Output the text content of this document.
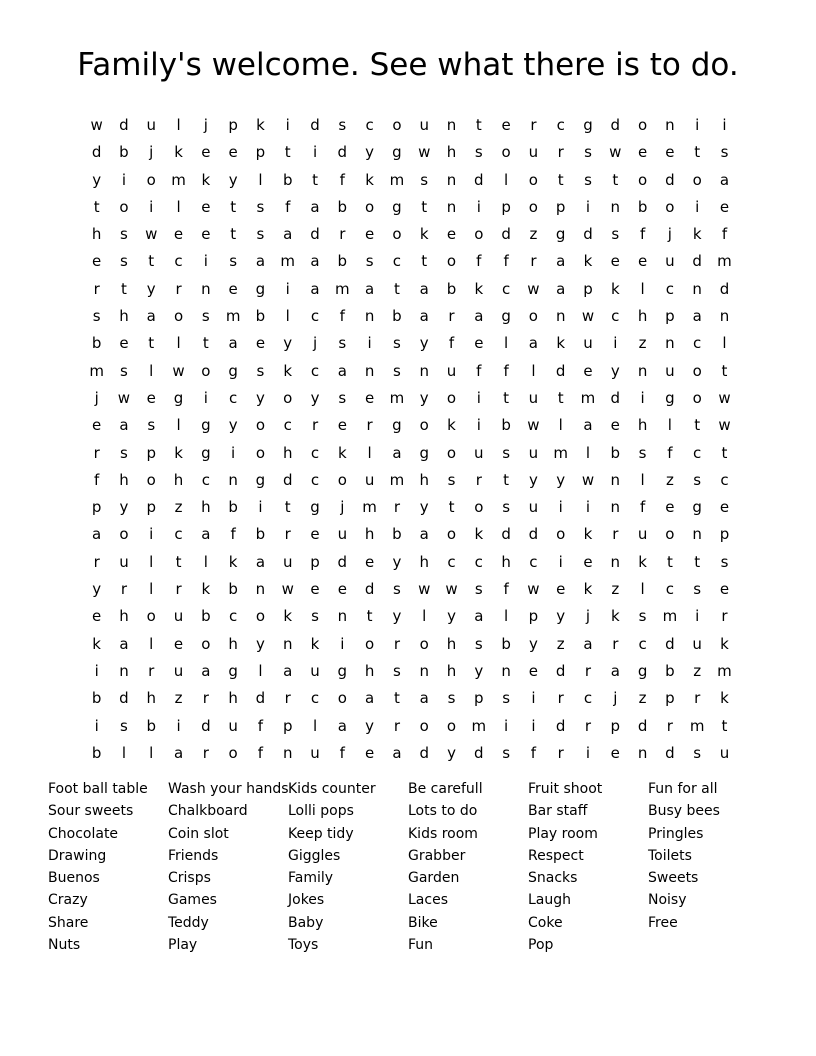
Family's welcome. See what there is to do.
w	d	u	l	j	p	k	i	d	s	c	o	u	n	t	e	r	c	g	d	o	n	i	i
d	b	j	k	e	e	p	t	i	d	y	g	w	h	s	o	u	r	s	w	e	e	t	s
y	i	o	m	k	y	l	b	t	f	k	m	s	n	d	l	o	t	s	t	o	d	o	a
t	o	i	l	e	t	s	f	a	b	o	g	t	n	i	p	o	p	i	n	b	o	i	e
h	s	w	e	e	t	s	a	d	r	e	o	k	e	o	d	z	g	d	s	f	j	k	f
e	s	t	c	i	s	a	m	a	b	s	c	t	o	f	f	r	a	k	e	e	u	d	m
r	t	y	r	n	e	g	i	a	m	a	t	a	b	k	c	w	a	p	k	l	c	n	d
s	h	a	o	s	m	b	l	c	f	n	b	a	r	a	g	o	n	w	c	h	p	a	n
b	e	t	l	t	a	e	y	j	s	i	s	y	f	e	l	a	k	u	i	z	n	c	l
m	s	l	w	o	g	s	k	c	a	n	s	n	u	f	f	l	d	e	y	n	u	o	t
j	w	e	g	i	c	y	o	y	s	e	m	y	o	i	t	u	t	m	d	i	g	o	w
e	a	s	l	g	y	o	c	r	e	r	g	o	k	i	b	w	l	a	e	h	l	t	w
r	s	p	k	g	i	o	h	c	k	l	a	g	o	u	s	u	m	l	b	s	f	c	t
f	h	o	h	c	n	g	d	c	o	u	m	h	s	r	t	y	y	w	n	l	z	s	c
p	y	p	z	h	b	i	t	g	j	m	r	y	t	o	s	u	i	i	n	f	e	g	e
a	o	i	c	a	f	b	r	e	u	h	b	a	o	k	d	d	o	k	r	u	o	n	p
r	u	l	t	l	k	a	u	p	d	e	y	h	c	c	h	c	i	e	n	k	t	t	s
y	r	l	r	k	b	n	w	e	e	d	s	w	w	s	f	w	e	k	z	l	c	s	e
e	h	o	u	b	c	o	k	s	n	t	y	l	y	a	l	p	y	j	k	s	m	i	r
k	a	l	e	o	h	y	n	k	i	o	r	o	h	s	b	y	z	a	r	c	d	u	k
i	n	r	u	a	g	l	a	u	g	h	s	n	h	y	n	e	d	r	a	g	b	z	m
b	d	h	z	r	h	d	r	c	o	a	t	a	s	p	s	i	r	c	j	z	p	r	k
i	s	b	i	d	u	f	p	l	a	y	r	o	o	m	i	i	d	r	p	d	r	m	t
b	l	l	a	r	o	f	n	u	f	e	a	d	y	d	s	f	r	i	e	n	d	s	u
Foot ball table
Sour sweets
Chocolate
Drawing
Buenos
Crazy
Share
Nuts
Wash your hands
Chalkboard
Coin slot
Friends
Crisps
Games
Teddy
Play
Kids counter
Lolli pops
Keep tidy
Giggles
Family
Jokes
Baby
Toys
Be carefull
Lots to do
Kids room
Grabber
Garden
Laces
Bike
Fun
Fruit shoot
Bar staff
Play room
Respect
Snacks
Laugh
Coke
Pop
Fun for all
Busy bees
Pringles
Toilets
Sweets
Noisy
Free
